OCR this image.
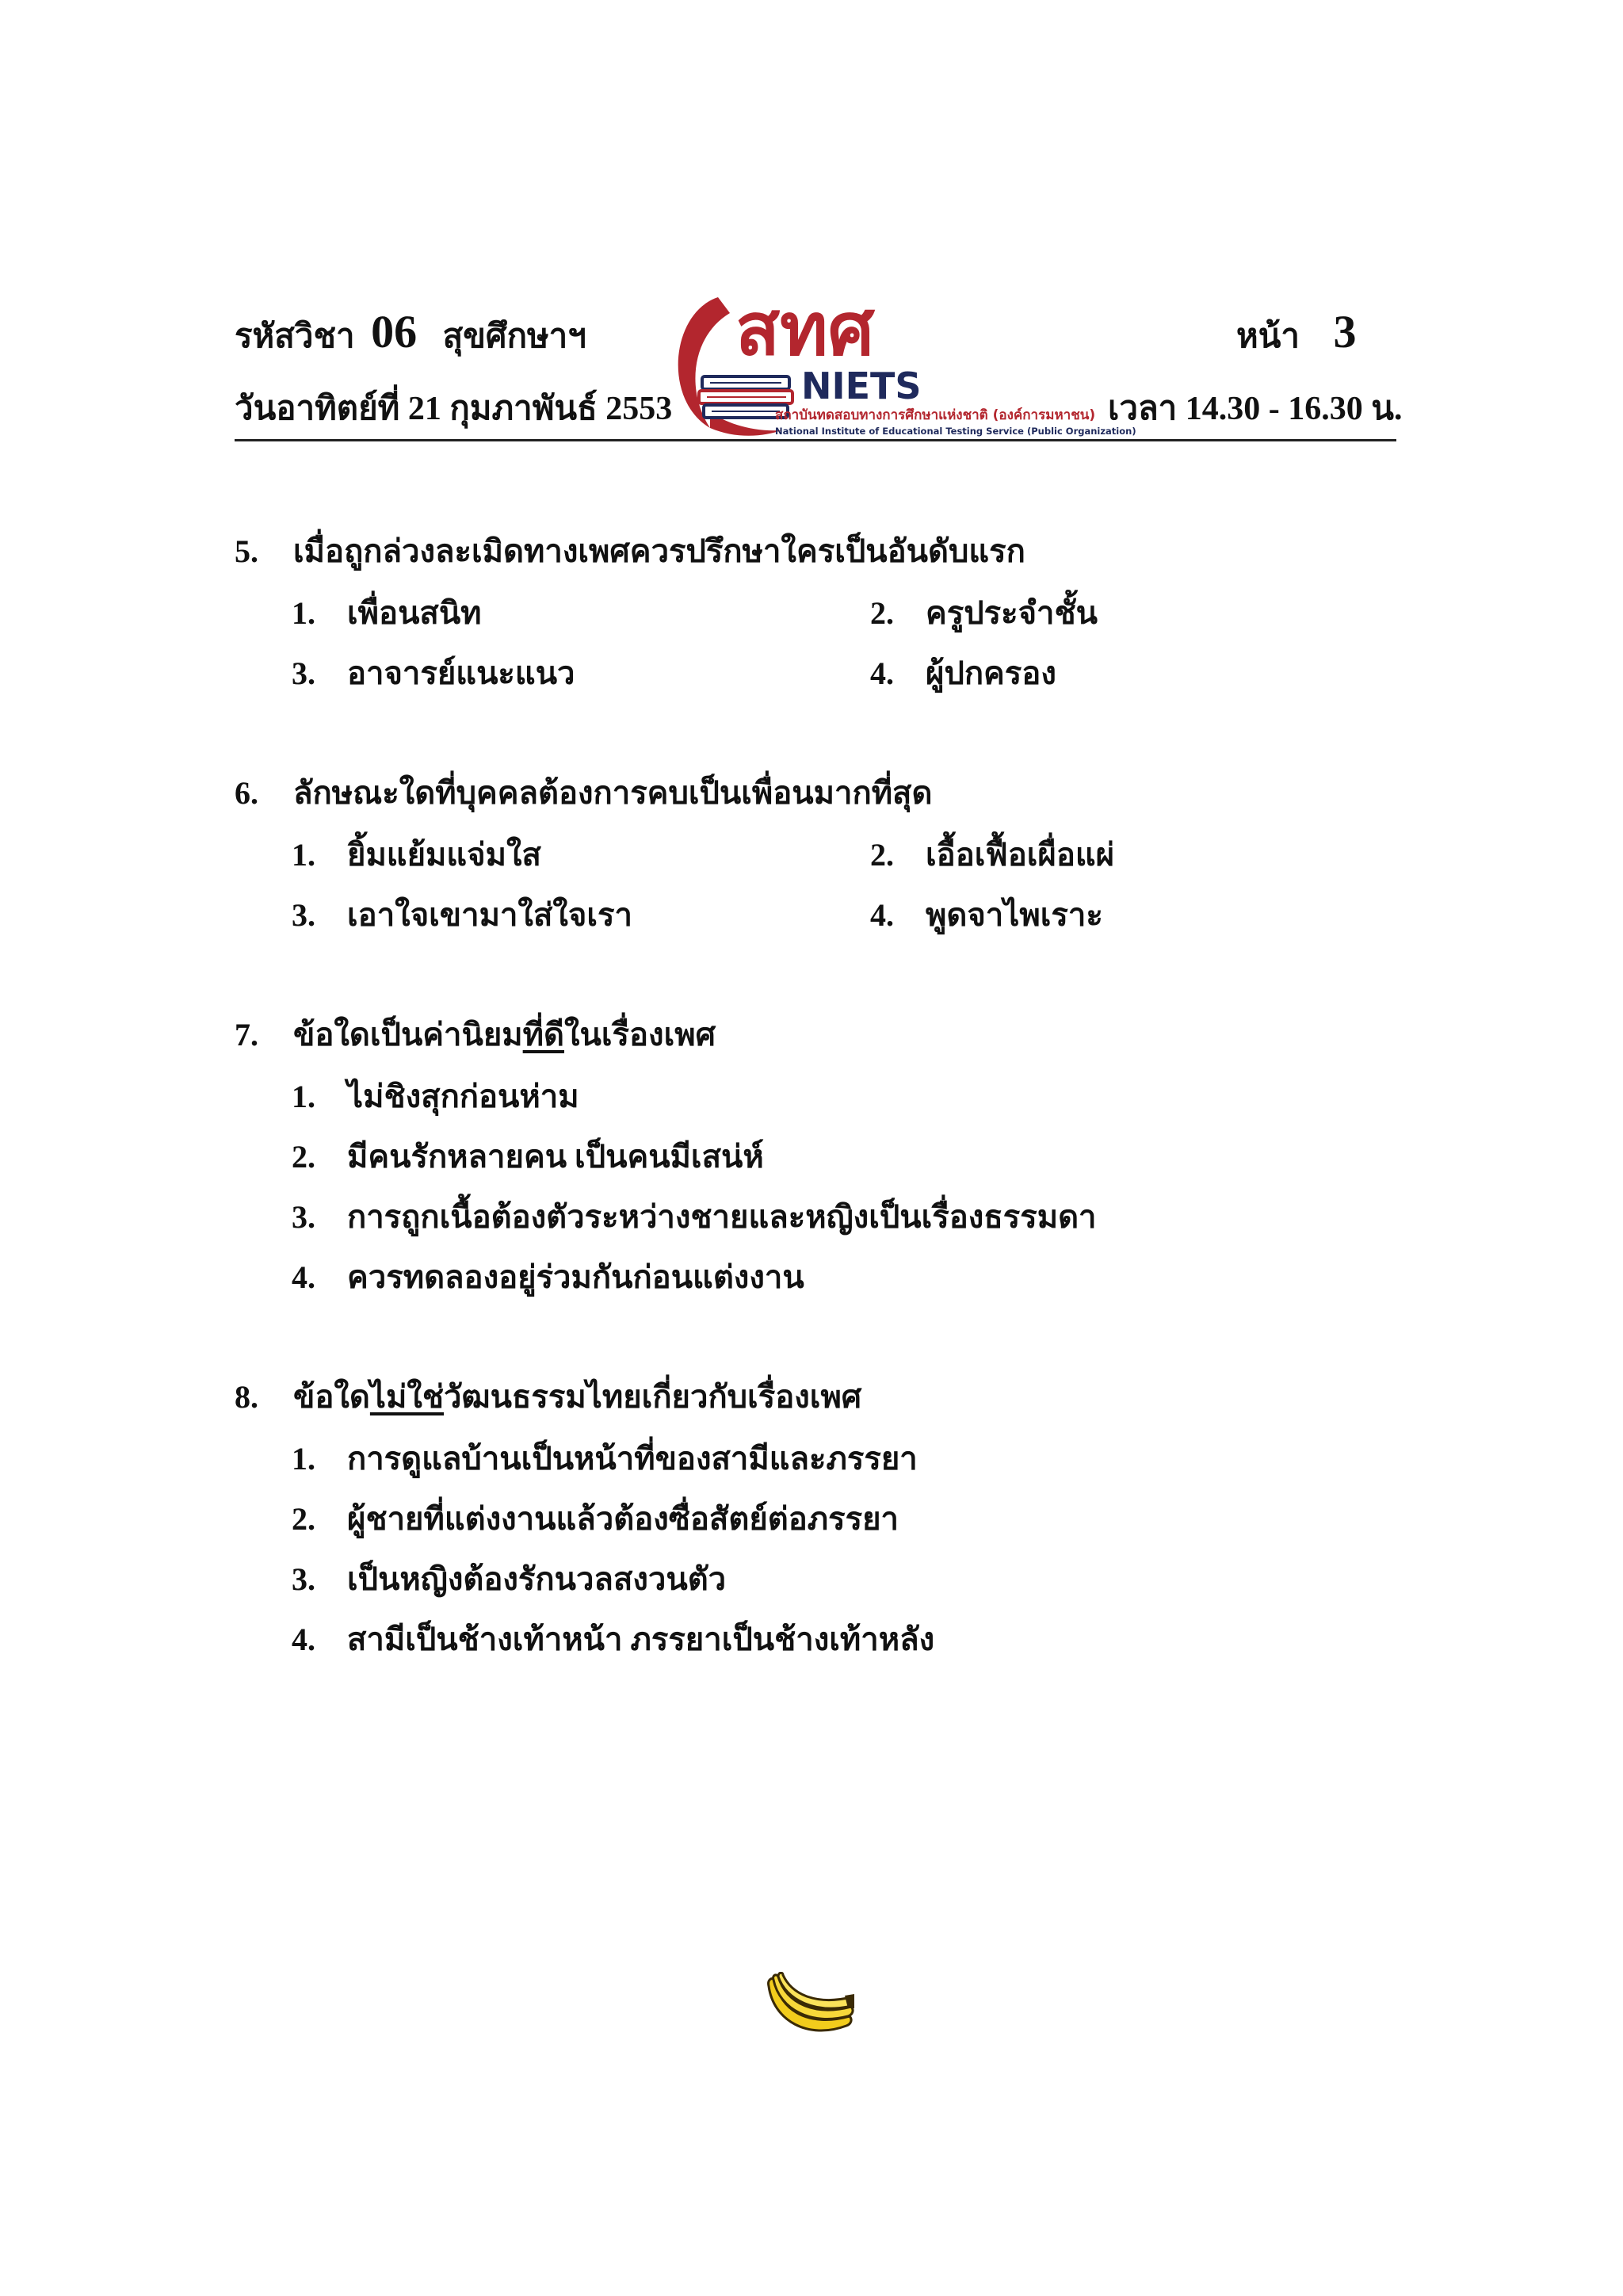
รหัสวิชา 06 สุขศึกษาฯ	หน้า 3
วันอาทิตย์ที่ 21 กุมภาพันธ์ 2553	เวลา 14.30 - 16.30 น.
สทศ
NIETS
สถาบันทดสอบทางการศึกษาแห่งชาติ (องค์การมหาชน)
National Institute of Educational Testing Service (Public Organization)
5. เมื่อถูกล่วงละเมิดทางเพศควรปรึกษาใครเป็นอันดับแรก
1. เพื่อนสนิท	2. ครูประจำชั้น
3. อาจารย์แนะแนว	4. ผู้ปกครอง
6. ลักษณะใดที่บุคคลต้องการคบเป็นเพื่อนมากที่สุด
1. ยิ้มแย้มแจ่มใส	2. เอื้อเฟื้อเผื่อแผ่
3. เอาใจเขามาใส่ใจเรา	4. พูดจาไพเราะ
7. ข้อใดเป็นค่านิยมที่ดีในเรื่องเพศ
1. ไม่ชิงสุกก่อนห่าม
2. มีคนรักหลายคน เป็นคนมีเสน่ห์
3. การถูกเนื้อต้องตัวระหว่างชายและหญิงเป็นเรื่องธรรมดา
4. ควรทดลองอยู่ร่วมกันก่อนแต่งงาน
8. ข้อใดไม่ใช่วัฒนธรรมไทยเกี่ยวกับเรื่องเพศ
1. การดูแลบ้านเป็นหน้าที่ของสามีและภรรยา
2. ผู้ชายที่แต่งงานแล้วต้องซื่อสัตย์ต่อภรรยา
3. เป็นหญิงต้องรักนวลสงวนตัว
4. สามีเป็นช้างเท้าหน้า ภรรยาเป็นช้างเท้าหลัง
